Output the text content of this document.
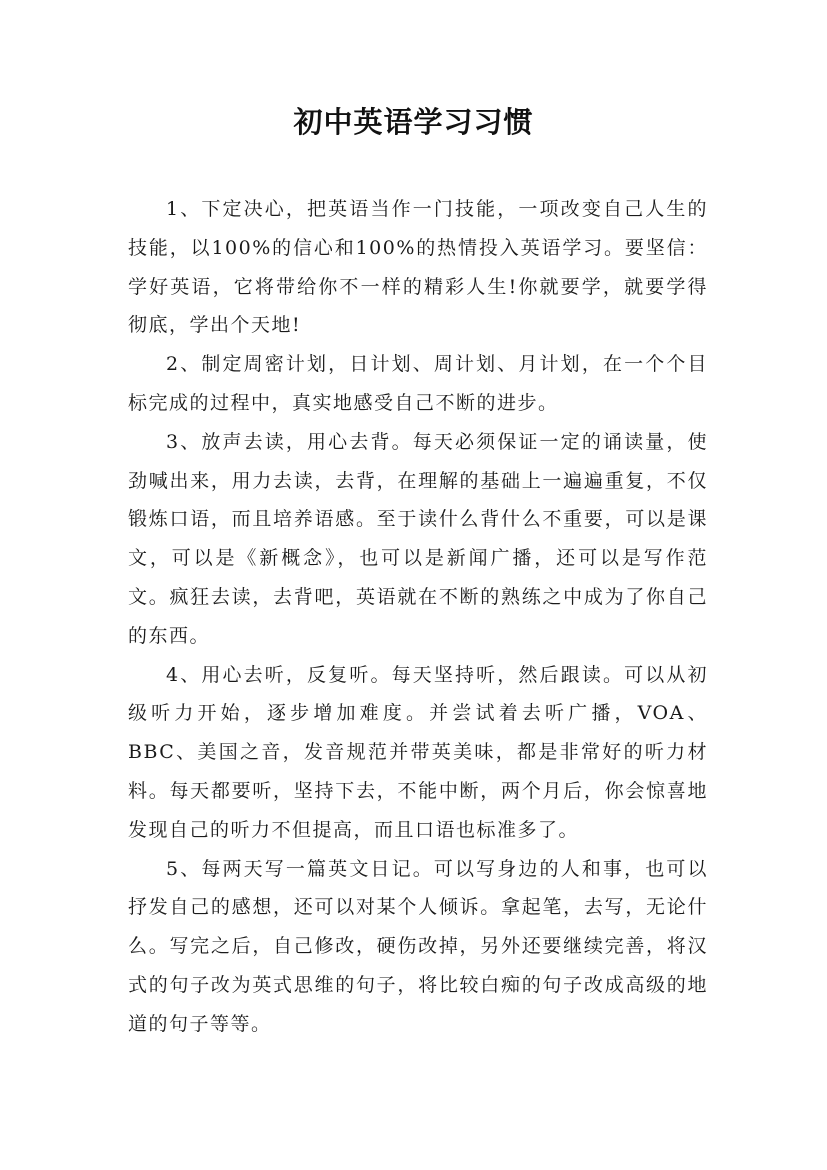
初中英语学习习惯

1、下定决心，把英语当作一门技能，一项改变自己人生的技能，以100%的信心和100%的热情投入英语学习。要坚信：学好英语，它将带给你不一样的精彩人生!你就要学，就要学得彻底，学出个天地!

2、制定周密计划，日计划、周计划、月计划，在一个个目标完成的过程中，真实地感受自己不断的进步。

3、放声去读，用心去背。每天必须保证一定的诵读量，使劲喊出来，用力去读，去背，在理解的基础上一遍遍重复，不仅锻炼口语，而且培养语感。至于读什么背什么不重要，可以是课文，可以是《新概念》，也可以是新闻广播，还可以是写作范文。疯狂去读，去背吧，英语就在不断的熟练之中成为了你自己的东西。

4、用心去听，反复听。每天坚持听，然后跟读。可以从初级听力开始，逐步增加难度。并尝试着去听广播，VOA、BBC、美国之音，发音规范并带英美味，都是非常好的听力材料。每天都要听，坚持下去，不能中断，两个月后，你会惊喜地发现自己的听力不但提高，而且口语也标准多了。

5、每两天写一篇英文日记。可以写身边的人和事，也可以抒发自己的感想，还可以对某个人倾诉。拿起笔，去写，无论什么。写完之后，自己修改，硬伤改掉，另外还要继续完善，将汉式的句子改为英式思维的句子，将比较白痴的句子改成高级的地道的句子等等。
